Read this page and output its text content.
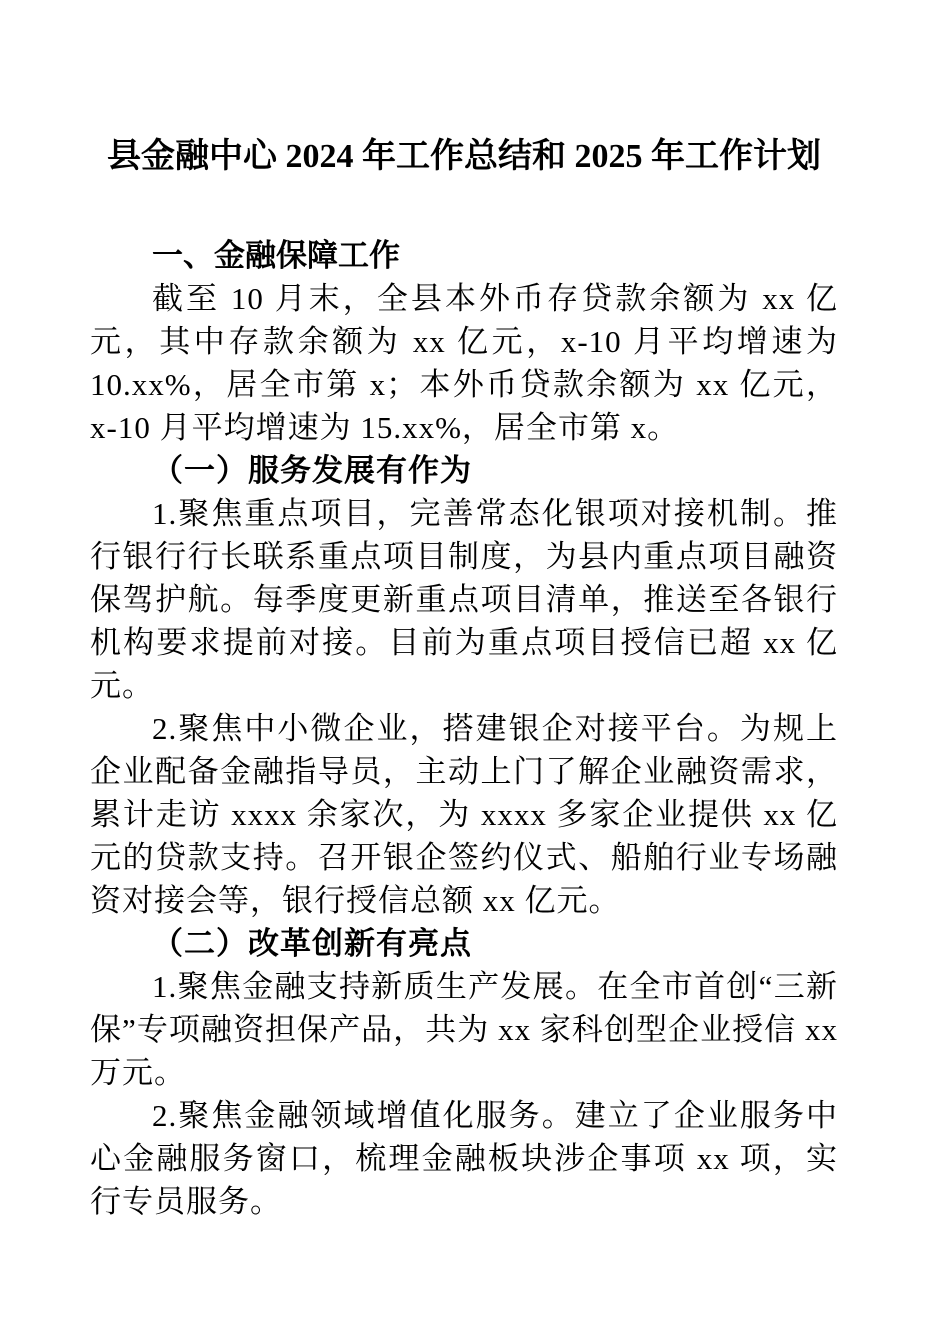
县金融中心 2024 年工作总结和 2025 年工作计划

一、金融保障工作

截至 10 月末，全县本外币存贷款余额为 xx 亿元，其中存款余额为 xx 亿元，x-10 月平均增速为 10.xx%，居全市第 x；本外币贷款余额为 xx 亿元，x-10 月平均增速为 15.xx%，居全市第 x。

（一）服务发展有作为

1.聚焦重点项目，完善常态化银项对接机制。推行银行行长联系重点项目制度，为县内重点项目融资保驾护航。每季度更新重点项目清单，推送至各银行机构要求提前对接。目前为重点项目授信已超 xx 亿元。

2.聚焦中小微企业，搭建银企对接平台。为规上企业配备金融指导员，主动上门了解企业融资需求，累计走访 xxxx 余家次，为 xxxx 多家企业提供 xx 亿元的贷款支持。召开银企签约仪式、船舶行业专场融资对接会等，银行授信总额 xx 亿元。

（二）改革创新有亮点

1.聚焦金融支持新质生产发展。在全市首创“三新保”专项融资担保产品，共为 xx 家科创型企业授信 xx 万元。

2.聚焦金融领域增值化服务。建立了企业服务中心金融服务窗口，梳理金融板块涉企事项 xx 项，实行专员服务。
